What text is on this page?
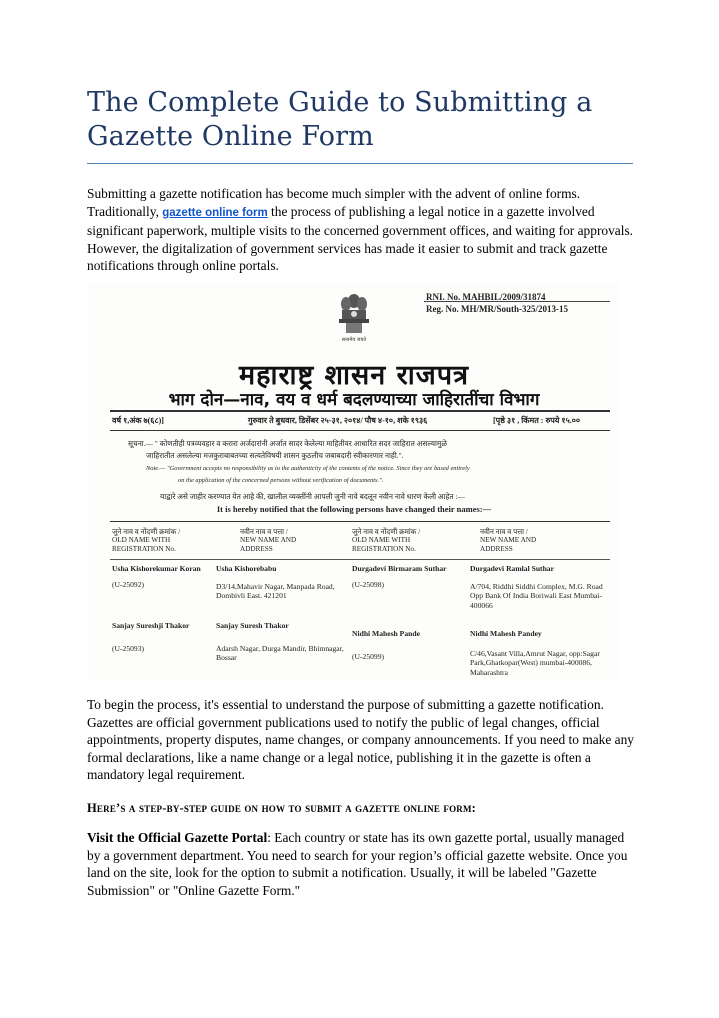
The Complete Guide to Submitting a Gazette Online Form

Submitting a gazette notification has become much simpler with the advent of online forms. Traditionally, gazette online form the process of publishing a legal notice in a gazette involved significant paperwork, multiple visits to the concerned government offices, and waiting for approvals. However, the digitalization of government services has made it easier to submit and track gazette notifications through online portals.

RNI. No. MAHBIL/2009/31874
Reg. No. MH/MR/South-325/2013-15
सत्यमेव जयते
महाराष्ट्र शासन राजपत्र
भाग दोन—नाव, वय व धर्म बदलण्याच्या जाहिरातींचा विभाग
वर्ष १,अंक ७(६८)]	गुरुवार ते बुधवार, डिसेंबर २५-३१, २०१४/ पौष ४-१०, शके १९३६	[पृष्ठे ३१ , किंमत : रुपये १५.००
सूचना.— " कोणतीही पत्रव्यवहार व करारा अर्जदारांनी अर्जात सादर केलेल्या माहितीवर आधारित सदर जाहिरात असल्यामुळे
जाहिरातीत असलेल्या मजकुराबाबतच्या सत्यतेविषयी शासन कुठलीच जबाबदारी स्वीकारणार नाही.".
Note.— "Government accepts no responsibility as to the authenticity of the contents of the notice. Since they are based entirely
on the application of the concerned persons without verification of documents.".
याद्वारे असे जाहीर करण्यात येत आहे की, खालील व्यक्तींनी आपली जुनी नावे बदलून नवीन नावे धारण केली आहेत :—
It is hereby notified that the following persons have changed their names:—
जुने नाव व नोंदणी क्रमांक /
OLD NAME WITH
REGISTRATION No.
नवीन नाव व पत्ता /
NEW NAME AND
ADDRESS
जुने नाव व नोंदणी क्रमांक /
OLD NAME WITH
REGISTRATION No.
नवीन नाव व पत्ता /
NEW NAME AND
ADDRESS
Usha Kishorekumar Koran
(U-25092)
Usha Kishorebabu
D3/14,Mahavir Nagar, Manpada Road, Dombivli East. 421201
Sanjay Sureshji Thakor
(U-25093)
Sanjay Suresh Thakor
Adarsh Nagar, Durga Mandir, Bhimnagar, Bossar
Durgadevi Birmaram Suthar
(U-25098)
Durgadevi Ramlal Suthar
A/704, Riddhi Siddhi Complex, M.G. Road Opp Bank Of India Boriwali East Mumbai-400066
Nidhi Mahesh Pande
(U-25099)
Nidhi Mahesh Pandey
C/46,Vasant Villa,Amrut Nagar, opp:Sagar Park,Ghatkopar(West) mumbai-400086, Maharashtra

To begin the process, it's essential to understand the purpose of submitting a gazette notification. Gazettes are official government publications used to notify the public of legal changes, official appointments, property disputes, name changes, or company announcements. If you need to make any formal declarations, like a name change or a legal notice, publishing it in the gazette is often a mandatory legal requirement.

Here’s a step-by-step guide on how to submit a gazette online form:

Visit the Official Gazette Portal: Each country or state has its own gazette portal, usually managed by a government department. You need to search for your region’s official gazette website. Once you land on the site, look for the option to submit a notification. Usually, it will be labeled "Gazette Submission" or "Online Gazette Form."
